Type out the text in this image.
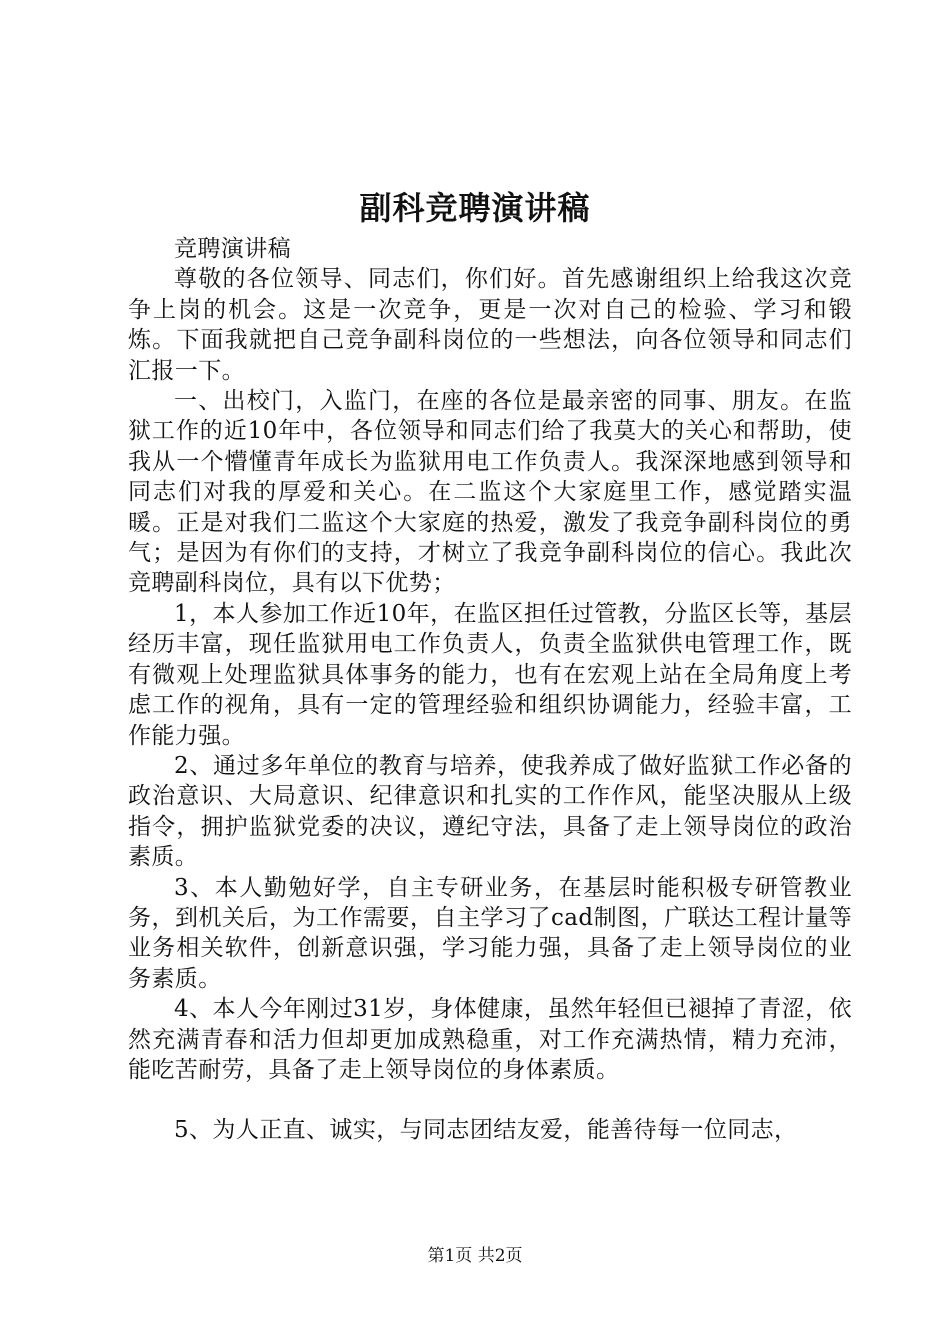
副科竞聘演讲稿

竞聘演讲稿

尊敬的各位领导、同志们，你们好。首先感谢组织上给我这次竞争上岗的机会。这是一次竞争，更是一次对自己的检验、学习和锻炼。下面我就把自己竞争副科岗位的一些想法，向各位领导和同志们汇报一下。

一、出校门，入监门，在座的各位是最亲密的同事、朋友。在监狱工作的近10年中，各位领导和同志们给了我莫大的关心和帮助，使我从一个懵懂青年成长为监狱用电工作负责人。我深深地感到领导和同志们对我的厚爱和关心。在二监这个大家庭里工作，感觉踏实温暖。正是对我们二监这个大家庭的热爱，激发了我竞争副科岗位的勇气；是因为有你们的支持，才树立了我竞争副科岗位的信心。我此次竞聘副科岗位，具有以下优势；

1，本人参加工作近10年，在监区担任过管教，分监区长等，基层经历丰富，现任监狱用电工作负责人，负责全监狱供电管理工作，既有微观上处理监狱具体事务的能力，也有在宏观上站在全局角度上考虑工作的视角，具有一定的管理经验和组织协调能力，经验丰富，工作能力强。

2、通过多年单位的教育与培养，使我养成了做好监狱工作必备的政治意识、大局意识、纪律意识和扎实的工作作风，能坚决服从上级指令，拥护监狱党委的决议，遵纪守法，具备了走上领导岗位的政治素质。

3、本人勤勉好学，自主专研业务，在基层时能积极专研管教业务，到机关后，为工作需要，自主学习了cad制图，广联达工程计量等业务相关软件，创新意识强，学习能力强，具备了走上领导岗位的业务素质。

4、本人今年刚过31岁，身体健康，虽然年轻但已褪掉了青涩，依然充满青春和活力但却更加成熟稳重，对工作充满热情，精力充沛，能吃苦耐劳，具备了走上领导岗位的身体素质。

5、为人正直、诚实，与同志团结友爱，能善待每一位同志，

第1页 共2页
